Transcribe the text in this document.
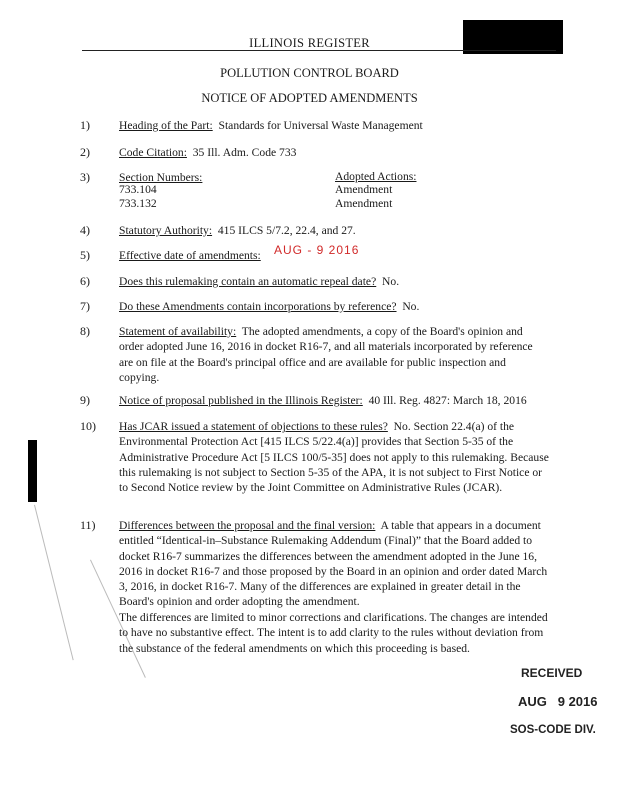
ILLINOIS REGISTER
POLLUTION CONTROL BOARD
NOTICE OF ADOPTED AMENDMENTS
1)	Heading of the Part: Standards for Universal Waste Management
2)	Code Citation: 35 Ill. Adm. Code 733
3)	Section Numbers:	Adopted Actions:
733.104	Amendment
733.132	Amendment
4)	Statutory Authority: 415 ILCS 5/7.2, 22.4, and 27.
5)	Effective date of amendments:	AUG - 9 2016
6)	Does this rulemaking contain an automatic repeal date? No.
7)	Do these Amendments contain incorporations by reference? No.
8)	Statement of availability: The adopted amendments, a copy of the Board's opinion and order adopted June 16, 2016 in docket R16-7, and all materials incorporated by reference are on file at the Board's principal office and are available for public inspection and copying.
9)	Notice of proposal published in the Illinois Register: 40 Ill. Reg. 4827: March 18, 2016
10) Has JCAR issued a statement of objections to these rules? No. Section 22.4(a) of the Environmental Protection Act [415 ILCS 5/22.4(a)] provides that Section 5-35 of the Administrative Procedure Act [5 ILCS 100/5-35] does not apply to this rulemaking. Because this rulemaking is not subject to Section 5-35 of the APA, it is not subject to First Notice or to Second Notice review by the Joint Committee on Administrative Rules (JCAR).
11) Differences between the proposal and the final version: A table that appears in a document entitled “Identical-in–Substance Rulemaking Addendum (Final)” that the Board added to docket R16-7 summarizes the differences between the amendment adopted in the June 16, 2016 in docket R16-7 and those proposed by the Board in an opinion and order dated March 3, 2016, in docket R16-7. Many of the differences are explained in greater detail in the Board's opinion and order adopting the amendment.
The differences are limited to minor corrections and clarifications. The changes are intended to have no substantive effect. The intent is to add clarity to the rules without deviation from the substance of the federal amendments on which this proceeding is based.
RECEIVED
AUG   9 2016
SOS-CODE DIV.
